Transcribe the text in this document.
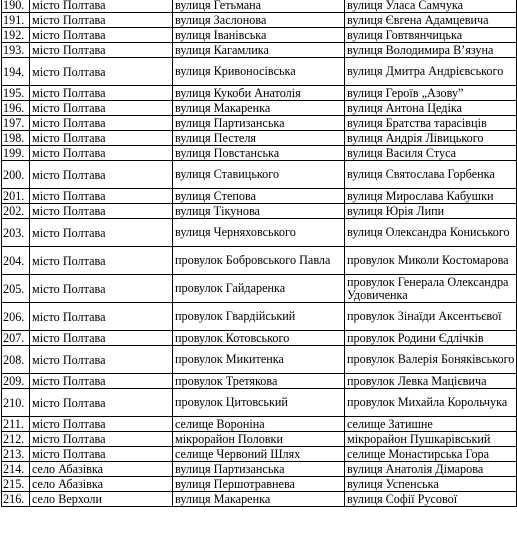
190.	місто Полтава	вулиця Гетьмана	вулиця Уласа Самчука
191.	місто Полтава	вулиця Заслонова	вулиця Євгена Адамцевича
192.	місто Полтава	вулиця Іванівська	вулиця Говтвянчицька
193.	місто Полтава	вулиця Кагамлика	вулиця Володимира В’язуна
194.	місто Полтава	вулиця Кривоносівська	вулиця Дмитра Андрієвського
195.	місто Полтава	вулиця Кукоби Анатолія	вулиця Героїв „Азову”
196.	місто Полтава	вулиця Макаренка	вулиця Антона Цедіка
197.	місто Полтава	вулиця Партизанська	вулиця Братства тарасівців
198.	місто Полтава	вулиця Пестеля	вулиця Андрія Лівицького
199.	місто Полтава	вулиця Повстанська	вулиця Василя Стуса
200.	місто Полтава	вулиця Ставицького	вулиця Святослава Горбенка
201.	місто Полтава	вулиця Степова	вулиця Мирослава Кабушки
202.	місто Полтава	вулиця Тікунова	вулиця Юрія Липи
203.	місто Полтава	вулиця Черняховського	вулиця Олександра Кониського
204.	місто Полтава	провулок Бобровського Павла	провулок Миколи Костомарова
205.	місто Полтава	провулок Гайдаренка	провулок Генерала Олександра Удовиченка
206.	місто Полтава	провулок Гвардійський	провулок Зінаїди Аксентьєвої
207.	місто Полтава	провулок Котовського	провулок Родини Єдлічків
208.	місто Полтава	провулок Микитенка	провулок Валерія Боняківського
209.	місто Полтава	провулок Третякова	провулок Левка Мацієвича
210.	місто Полтава	провулок Цитовський	провулок Михайла Корольчука
211.	місто Полтава	селище Вороніна	селище Затишне
212.	місто Полтава	мікрорайон Половки	мікрорайон Пушкарівський
213.	місто Полтава	селище Червоний Шлях	селище Монастирська Гора
214.	село Абазівка	вулиця Партизанська	вулиця Анатолія Дімарова
215.	село Абазівка	вулиця Першотравнева	вулиця Успенська
216.	село Верхоли	вулиця Макаренка	вулиця Софії Русової
